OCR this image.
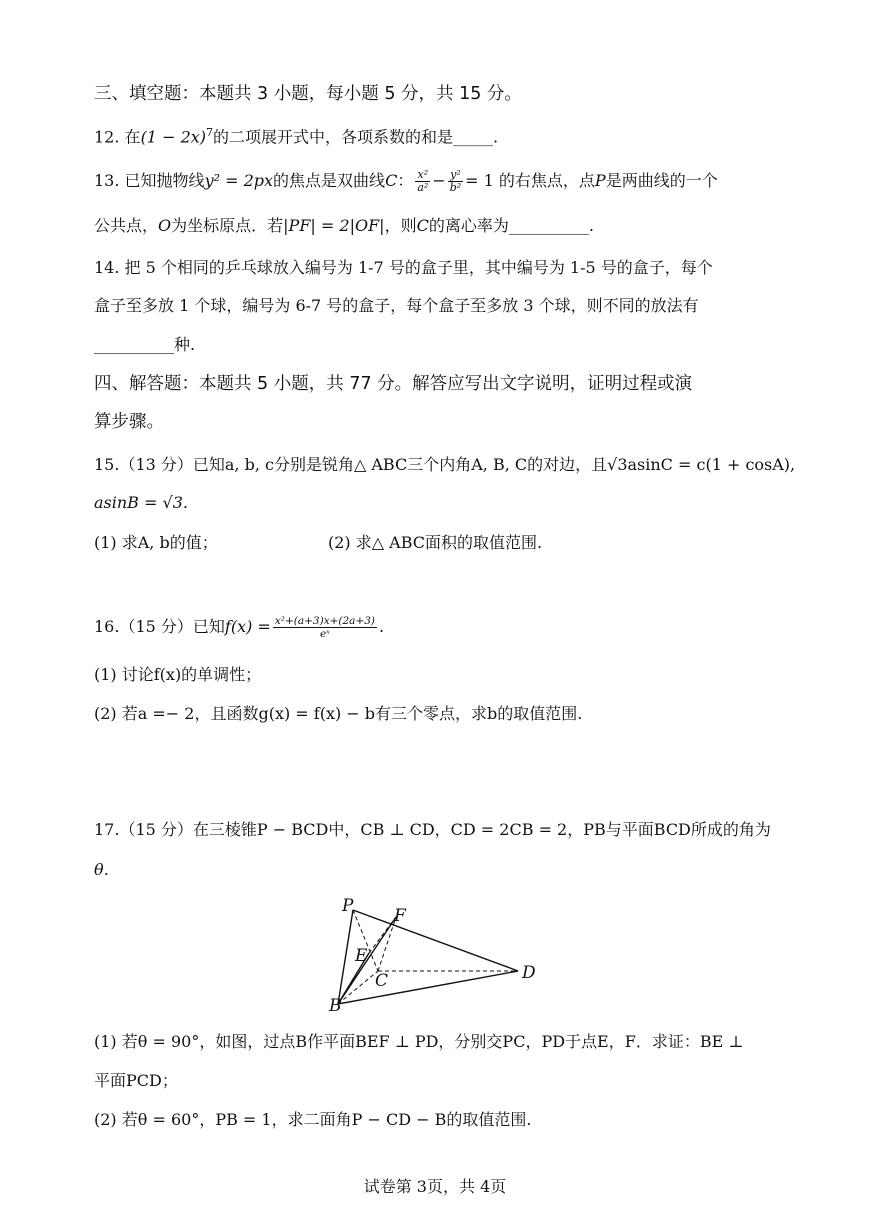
三、填空题：本题共 3 小题，每小题 5 分，共 15 分。
12. 在$(1 - 2x)^7$的二项展开式中，各项系数的和是_____.
13. 已知抛物线y² = 2px的焦点是双曲线C： $\frac{\text{x²}}{\text{a²}} - \frac{\text{y²}}{\text{b²}} = 1$ 的右焦点，点P是两曲线的一个
公共点，O为坐标原点．若|PF| = 2|OF|，则C的离心率为__________.
14. 把 5 个相同的乒乓球放入编号为 1-7 号的盒子里，其中编号为 1-5 号的盒子，每个
盒子至多放 1 个球，编号为 6-7 号的盒子，每个盒子至多放 3 个球，则不同的放法有
__________种.
四、解答题：本题共 5 小题，共 77 分。解答应写出文字说明，证明过程或演
算步骤。
15.（13 分）已知a, b, c分别是锐角△ ABC三个内角A, B, C的对边，且√3asinC = c(1 + cosA),
asinB = √3.
(1) 求A, b的值；	(2) 求△ ABC面积的取值范围.
16.（15 分）已知$f(x) = \frac{\text{x²+(a+3)x+(2a+3)}}{\text{eˣ}}$ .
(1) 讨论f(x)的单调性；
(2) 若a =− 2，且函数g(x) = f(x) − b有三个零点，求b的取值范围.
17.（15 分）在三棱锥P − BCD中，CB ⊥ CD，CD = 2CB = 2，PB与平面BCD所成的角为
θ．
P F
E
C	D
B
(1) 若θ = 90°，如图，过点B作平面BEF ⊥ PD，分别交PC，PD于点E，F．求证：BE ⊥
平面PCD；
(2) 若θ = 60°，PB = 1，求二面角P − CD − B的取值范围.
试卷第 3页，共 4页
